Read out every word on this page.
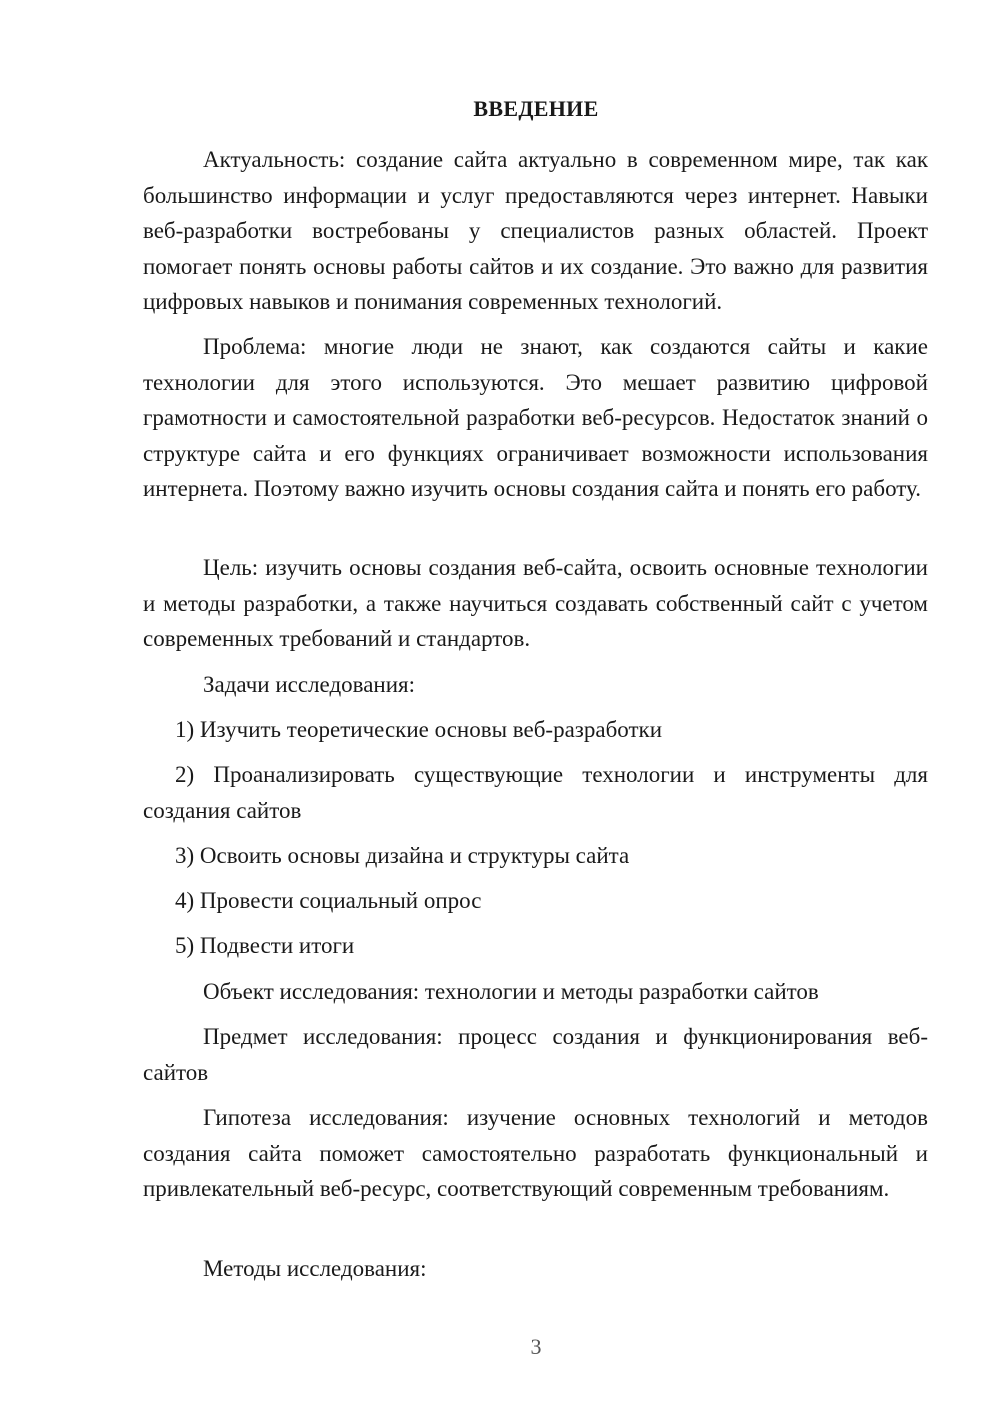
ВВЕДЕНИЕ

Актуальность: создание сайта актуально в современном мире, так как большинство информации и услуг предоставляются через интернет. Навыки веб-разработки востребованы у специалистов разных областей. Проект помогает понять основы работы сайтов и их создание. Это важно для развития цифровых навыков и понимания современных технологий.

Проблема: многие люди не знают, как создаются сайты и какие технологии для этого используются. Это мешает развитию цифровой грамотности и самостоятельной разработки веб-ресурсов. Недостаток знаний о структуре сайта и его функциях ограничивает возможности использования интернета. Поэтому важно изучить основы создания сайта и понять его работу.

Цель: изучить основы создания веб-сайта, освоить основные технологии и методы разработки, а также научиться создавать собственный сайт с учетом современных требований и стандартов.

Задачи исследования:

1) Изучить теоретические основы веб-разработки

2) Проанализировать существующие технологии и инструменты для создания сайтов

3) Освоить основы дизайна и структуры сайта

4) Провести социальный опрос

5) Подвести итоги

Объект исследования: технологии и методы разработки сайтов

Предмет исследования: процесс создания и функционирования веб-сайтов

Гипотеза исследования: изучение основных технологий и методов создания сайта поможет самостоятельно разработать функциональный и привлекательный веб-ресурс, соответствующий современным требованиям.

Методы исследования:

3
